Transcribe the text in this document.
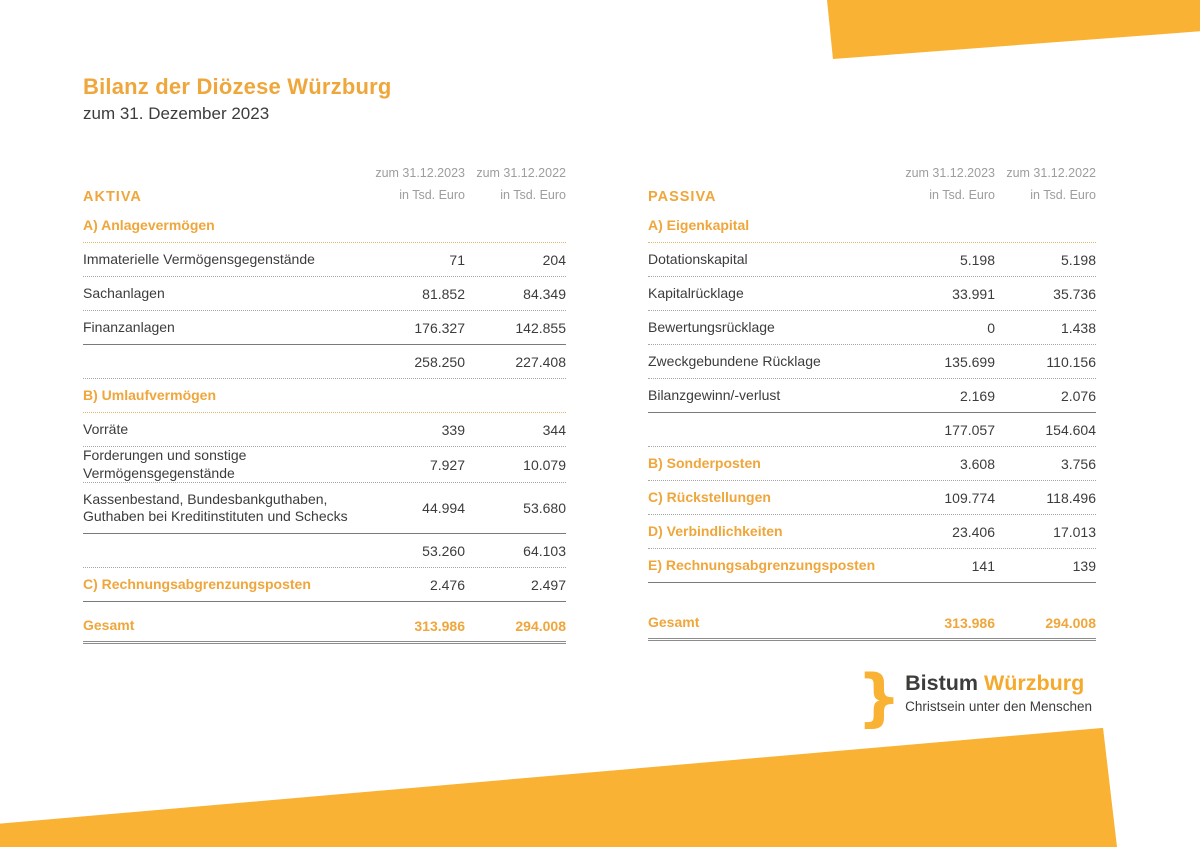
Bilanz der Diözese Würzburg
zum 31. Dezember 2023
AKTIVA
zum 31.12.2023
in Tsd. Euro
zum 31.12.2022
in Tsd. Euro
A) Anlagevermögen
Immaterielle Vermögensgegenstände	71	204
Sachanlagen	81.852	84.349
Finanzanlagen	176.327	142.855
258.250	227.408
B) Umlaufvermögen
Vorräte	339	344
Forderungen und sonstige Vermögensgegenstände	7.927	10.079
Kassenbestand, Bundesbankguthaben,
Guthaben bei Kreditinstituten und Schecks	44.994	53.680
53.260	64.103
C) Rechnungsabgrenzungsposten	2.476	2.497
Gesamt	313.986	294.008
PASSIVA
zum 31.12.2023
in Tsd. Euro
zum 31.12.2022
in Tsd. Euro
A) Eigenkapital
Dotationskapital	5.198	5.198
Kapitalrücklage	33.991	35.736
Bewertungsrücklage	0	1.438
Zweckgebundene Rücklage	135.699	110.156
Bilanzgewinn/-verlust	2.169	2.076
177.057	154.604
B) Sonderposten	3.608	3.756
C) Rückstellungen	109.774	118.496
D) Verbindlichkeiten	23.406	17.013
E) Rechnungsabgrenzungsposten	141	139
Gesamt	313.986	294.008
} Bistum Würzburg
Christsein unter den Menschen
